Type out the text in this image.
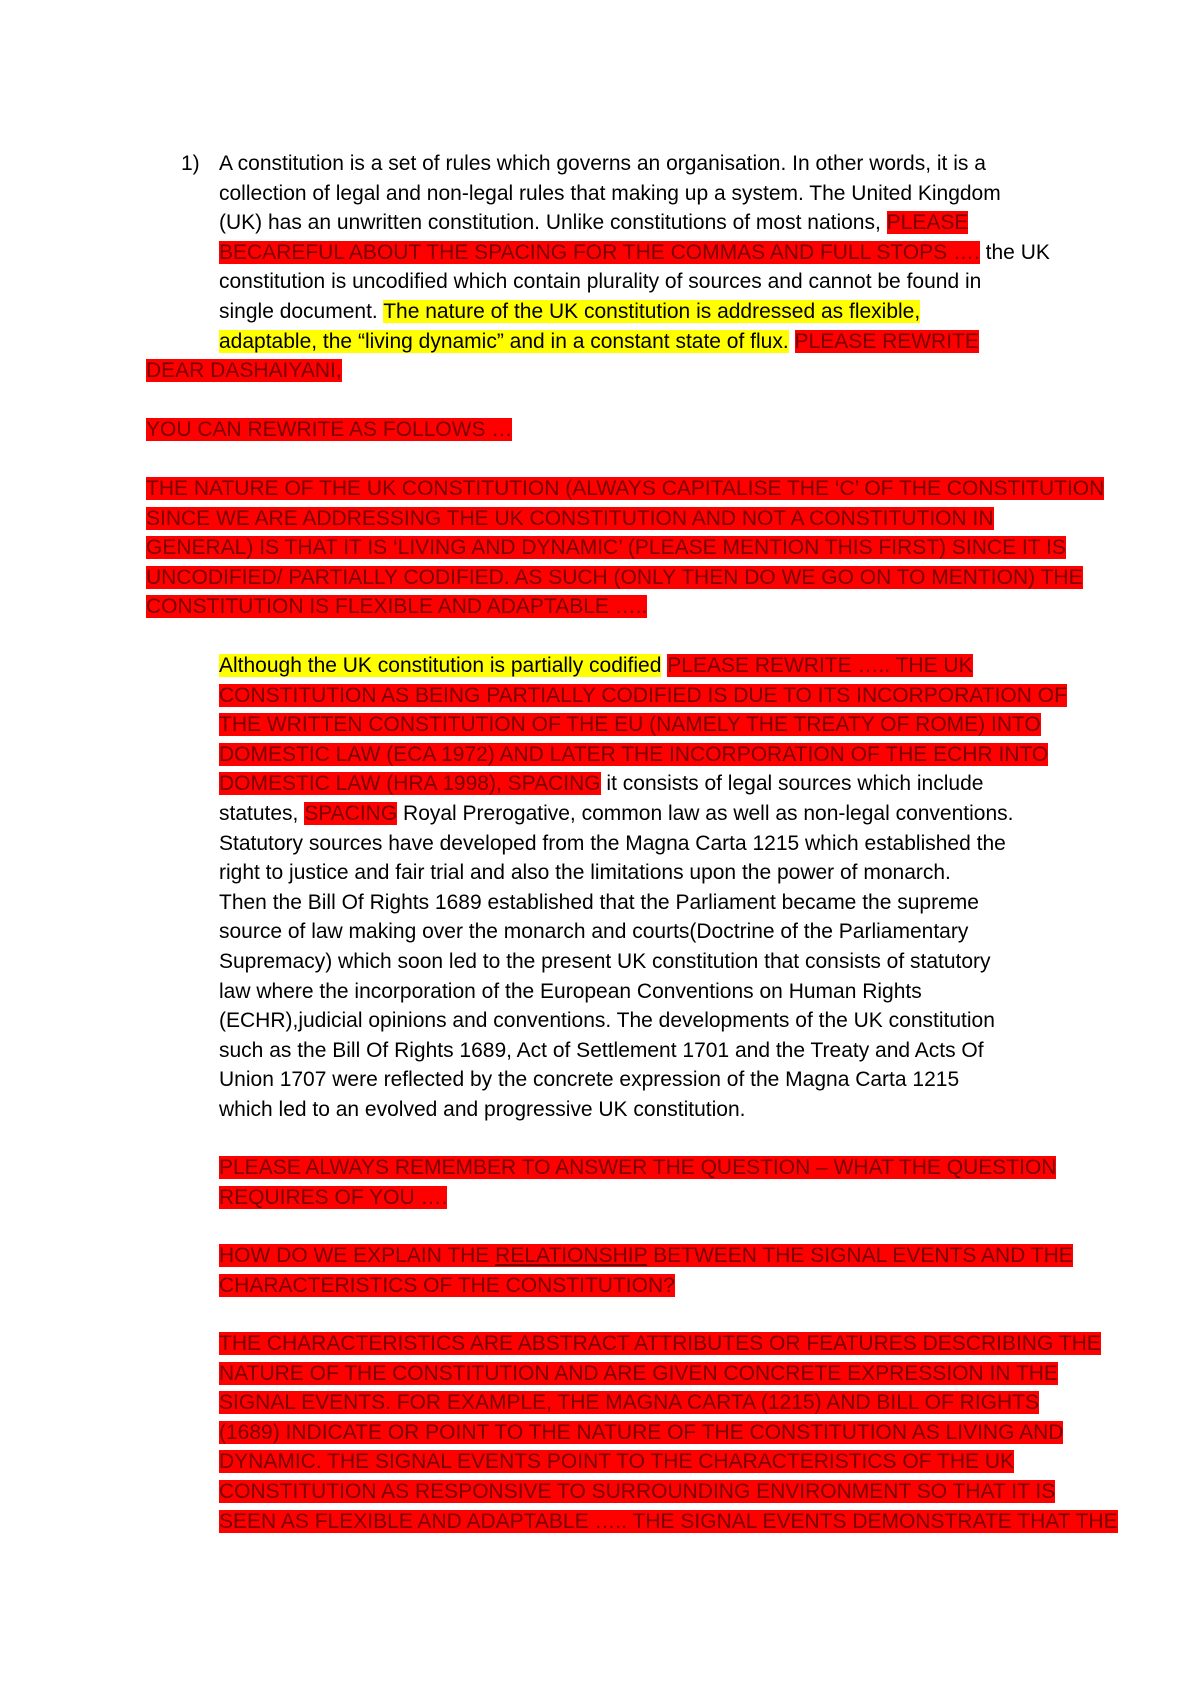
1) A constitution is a set of rules which governs an organisation. In other words, it is a
collection of legal and non-legal rules that making up a system. The United Kingdom
(UK) has an unwritten constitution. Unlike constitutions of most nations, PLEASE
BECAREFUL ABOUT THE SPACING FOR THE COMMAS AND FULL STOPS …. the UK
constitution is uncodified which contain plurality of sources and cannot be found in
single document. The nature of the UK constitution is addressed as flexible,
adaptable, the “living dynamic” and in a constant state of flux. PLEASE REWRITE
DEAR DASHAIYANI,
YOU CAN REWRITE AS FOLLOWS …
THE NATURE OF THE UK CONSTITUTION (ALWAYS CAPITALISE THE ‘C’ OF THE CONSTITUTION
SINCE WE ARE ADDRESSING THE UK CONSTITUTION AND NOT A CONSTITUTION IN
GENERAL) IS THAT IT IS ‘LIVING AND DYNAMIC’ (PLEASE MENTION THIS FIRST) SINCE IT IS
UNCODIFIED/ PARTIALLY CODIFIED. AS SUCH (ONLY THEN DO WE GO ON TO MENTION) THE
CONSTITUTION IS FLEXIBLE AND ADAPTABLE …..
Although the UK constitution is partially codified PLEASE REWRITE ….. THE UK
CONSTITUTION AS BEING PARTIALLY CODIFIED IS DUE TO ITS INCORPORATION OF
THE WRITTEN CONSTITUTION OF THE EU (NAMELY THE TREATY OF ROME) INTO
DOMESTIC LAW (ECA 1972) AND LATER THE INCORPORATION OF THE ECHR INTO
DOMESTIC LAW (HRA 1998), SPACING it consists of legal sources which include
statutes, SPACING Royal Prerogative, common law as well as non-legal conventions.
Statutory sources have developed from the Magna Carta 1215 which established the
right to justice and fair trial and also the limitations upon the power of monarch.
Then the Bill Of Rights 1689 established that the Parliament became the supreme
source of law making over the monarch and courts(Doctrine of the Parliamentary
Supremacy) which soon led to the present UK constitution that consists of statutory
law where the incorporation of the European Conventions on Human Rights
(ECHR),judicial opinions and conventions. The developments of the UK constitution
such as the Bill Of Rights 1689, Act of Settlement 1701 and the Treaty and Acts Of
Union 1707 were reflected by the concrete expression of the Magna Carta 1215
which led to an evolved and progressive UK constitution.
PLEASE ALWAYS REMEMBER TO ANSWER THE QUESTION – WHAT THE QUESTION
REQUIRES OF YOU ….
HOW DO WE EXPLAIN THE RELATIONSHIP BETWEEN THE SIGNAL EVENTS AND THE
CHARACTERISTICS OF THE CONSTITUTION?
THE CHARACTERISTICS ARE ABSTRACT ATTRIBUTES OR FEATURES DESCRIBING THE
NATURE OF THE CONSTITUTION AND ARE GIVEN CONCRETE EXPRESSION IN THE
SIGNAL EVENTS. FOR EXAMPLE, THE MAGNA CARTA (1215) AND BILL OF RIGHTS
(1689) INDICATE OR POINT TO THE NATURE OF THE CONSTITUTION AS LIVING AND
DYNAMIC. THE SIGNAL EVENTS POINT TO THE CHARACTERISTICS OF THE UK
CONSTITUTION AS RESPONSIVE TO SURROUNDING ENVIRONMENT SO THAT IT IS
SEEN AS FLEXIBLE AND ADAPTABLE ….. THE SIGNAL EVENTS DEMONSTRATE THAT THE
